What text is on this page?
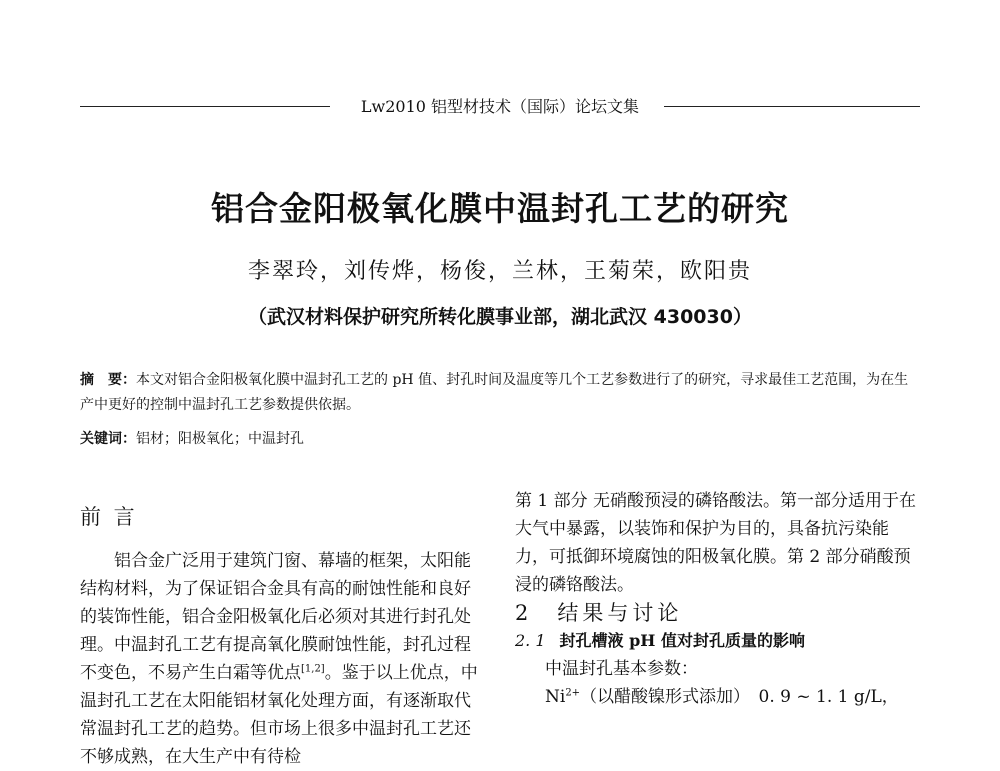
Lw2010 铝型材技术（国际）论坛文集
铝合金阳极氧化膜中温封孔工艺的研究
李翠玲，刘传烨，杨俊，兰林，王菊荣，欧阳贵
（武汉材料保护研究所转化膜事业部，湖北武汉 430030）
摘　要：本文对铝合金阳极氧化膜中温封孔工艺的 pH 值、封孔时间及温度等几个工艺参数进行了的研究，寻求最佳工艺范围，为在生产中更好的控制中温封孔工艺参数提供依据。
关键词：铝材；阳极氧化；中温封孔

前 言

铝合金广泛用于建筑门窗、幕墙的框架，太阳能结构材料，为了保证铝合金具有高的耐蚀性能和良好的装饰性能，铝合金阳极氧化后必须对其进行封孔处理。中温封孔工艺有提高氧化膜耐蚀性能，封孔过程不变色，不易产生白霜等优点[1,2]。鉴于以上优点，中温封孔工艺在太阳能铝材氧化处理方面，有逐渐取代常温封孔工艺的趋势。但市场上很多中温封孔工艺还不够成熟，在大生产中有待检

第 1 部分 无硝酸预浸的磷铬酸法。第一部分适用于在大气中暴露，以装饰和保护为目的，具备抗污染能力，可抵御环境腐蚀的阳极氧化膜。第 2 部分硝酸预浸的磷铬酸法。

2　结果与讨论

2. 1 封孔槽液 pH 值对封孔质量的影响

中温封孔基本参数：

$Ni^{2+}$（以醋酸镍形式添加）　0. 9 ~ 1. 1 g/L，
